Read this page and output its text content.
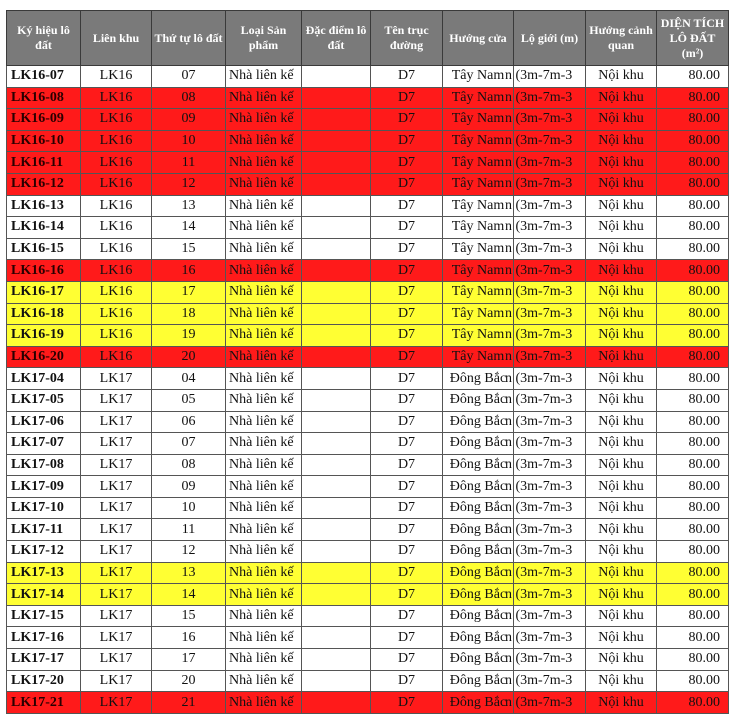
Ký hiệu lô đất	Liên khu	Thứ tự lô đất	Loại Sản phẩm	Đặc điểm lô đất	Tên trục đường	Hướng cửa	Lộ giới (m)	Hướng cảnh quan	DIỆN TÍCH LÔ ĐẤT (m²)
LK16-07	LK16	07	Nhà liên kế		D7	Tây Nam	n (3m-7m-3	Nội khu	80.00
LK16-08	LK16	08	Nhà liên kế		D7	Tây Nam	n (3m-7m-3	Nội khu	80.00
LK16-09	LK16	09	Nhà liên kế		D7	Tây Nam	n (3m-7m-3	Nội khu	80.00
LK16-10	LK16	10	Nhà liên kế		D7	Tây Nam	n (3m-7m-3	Nội khu	80.00
LK16-11	LK16	11	Nhà liên kế		D7	Tây Nam	n (3m-7m-3	Nội khu	80.00
LK16-12	LK16	12	Nhà liên kế		D7	Tây Nam	n (3m-7m-3	Nội khu	80.00
LK16-13	LK16	13	Nhà liên kế		D7	Tây Nam	n (3m-7m-3	Nội khu	80.00
LK16-14	LK16	14	Nhà liên kế		D7	Tây Nam	n (3m-7m-3	Nội khu	80.00
LK16-15	LK16	15	Nhà liên kế		D7	Tây Nam	n (3m-7m-3	Nội khu	80.00
LK16-16	LK16	16	Nhà liên kế		D7	Tây Nam	n (3m-7m-3	Nội khu	80.00
LK16-17	LK16	17	Nhà liên kế		D7	Tây Nam	n (3m-7m-3	Nội khu	80.00
LK16-18	LK16	18	Nhà liên kế		D7	Tây Nam	n (3m-7m-3	Nội khu	80.00
LK16-19	LK16	19	Nhà liên kế		D7	Tây Nam	n (3m-7m-3	Nội khu	80.00
LK16-20	LK16	20	Nhà liên kế		D7	Tây Nam	n (3m-7m-3	Nội khu	80.00
LK17-04	LK17	04	Nhà liên kế		D7	Đông Bắc	n (3m-7m-3	Nội khu	80.00
LK17-05	LK17	05	Nhà liên kế		D7	Đông Bắc	n (3m-7m-3	Nội khu	80.00
LK17-06	LK17	06	Nhà liên kế		D7	Đông Bắc	n (3m-7m-3	Nội khu	80.00
LK17-07	LK17	07	Nhà liên kế		D7	Đông Bắc	n (3m-7m-3	Nội khu	80.00
LK17-08	LK17	08	Nhà liên kế		D7	Đông Bắc	n (3m-7m-3	Nội khu	80.00
LK17-09	LK17	09	Nhà liên kế		D7	Đông Bắc	n (3m-7m-3	Nội khu	80.00
LK17-10	LK17	10	Nhà liên kế		D7	Đông Bắc	n (3m-7m-3	Nội khu	80.00
LK17-11	LK17	11	Nhà liên kế		D7	Đông Bắc	n (3m-7m-3	Nội khu	80.00
LK17-12	LK17	12	Nhà liên kế		D7	Đông Bắc	n (3m-7m-3	Nội khu	80.00
LK17-13	LK17	13	Nhà liên kế		D7	Đông Bắc	n (3m-7m-3	Nội khu	80.00
LK17-14	LK17	14	Nhà liên kế		D7	Đông Bắc	n (3m-7m-3	Nội khu	80.00
LK17-15	LK17	15	Nhà liên kế		D7	Đông Bắc	n (3m-7m-3	Nội khu	80.00
LK17-16	LK17	16	Nhà liên kế		D7	Đông Bắc	n (3m-7m-3	Nội khu	80.00
LK17-17	LK17	17	Nhà liên kế		D7	Đông Bắc	n (3m-7m-3	Nội khu	80.00
LK17-20	LK17	20	Nhà liên kế		D7	Đông Bắc	n (3m-7m-3	Nội khu	80.00
LK17-21	LK17	21	Nhà liên kế		D7	Đông Bắc	n (3m-7m-3	Nội khu	80.00
